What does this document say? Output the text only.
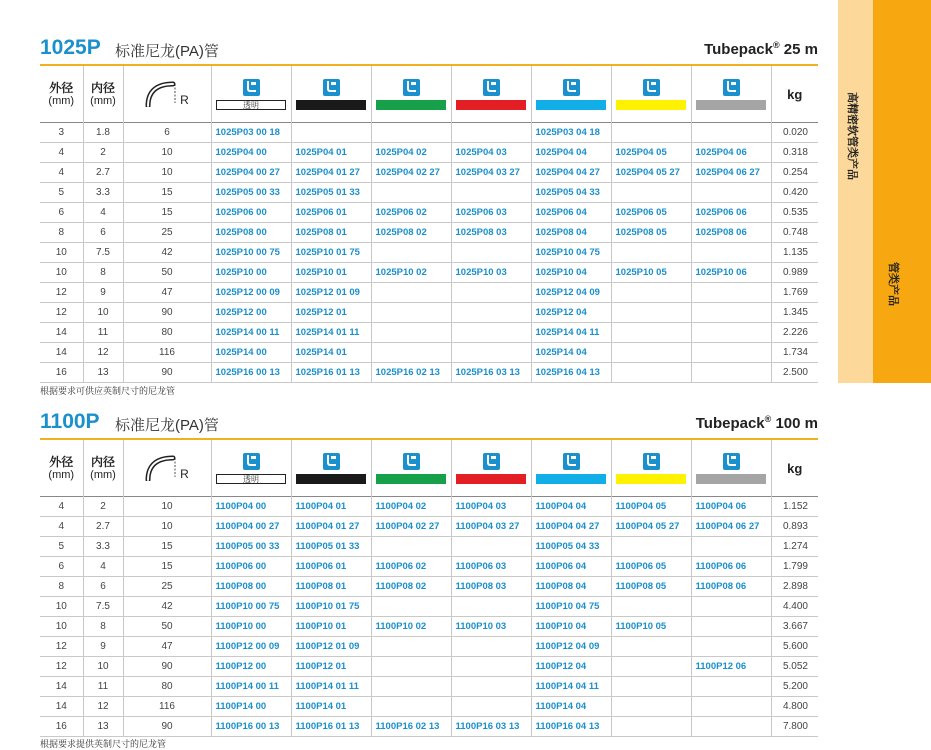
高精密软管类产品
管类产品
1025P 标准尼龙(PA)管	Tubepack® 25 m
外径
(mm)	内径
(mm)	R	透明							kg

3	1.8	6	1025P03 00 18				1025P03 04 18			0.020
4	2	10	1025P04 00	1025P04 01	1025P04 02	1025P04 03	1025P04 04	1025P04 05	1025P04 06	0.318
4	2.7	10	1025P04 00 27	1025P04 01 27	1025P04 02 27	1025P04 03 27	1025P04 04 27	1025P04 05 27	1025P04 06 27	0.254
5	3.3	15	1025P05 00 33	1025P05 01 33			1025P05 04 33			0.420
6	4	15	1025P06 00	1025P06 01	1025P06 02	1025P06 03	1025P06 04	1025P06 05	1025P06 06	0.535
8	6	25	1025P08 00	1025P08 01	1025P08 02	1025P08 03	1025P08 04	1025P08 05	1025P08 06	0.748
10	7.5	42	1025P10 00 75	1025P10 01 75			1025P10 04 75			1.135
10	8	50	1025P10 00	1025P10 01	1025P10 02	1025P10 03	1025P10 04	1025P10 05	1025P10 06	0.989
12	9	47	1025P12 00 09	1025P12 01 09			1025P12 04 09			1.769
12	10	90	1025P12 00	1025P12 01			1025P12 04			1.345
14	11	80	1025P14 00 11	1025P14 01 11			1025P14 04 11			2.226
14	12	116	1025P14 00	1025P14 01			1025P14 04			1.734
16	13	90	1025P16 00 13	1025P16 01 13	1025P16 02 13	1025P16 03 13	1025P16 04 13			2.500
根据要求可供应英制尺寸的尼龙管
1100P 标准尼龙(PA)管	Tubepack® 100 m
外径
(mm)	内径
(mm)	R	透明							kg

4	2	10	1100P04 00	1100P04 01	1100P04 02	1100P04 03	1100P04 04	1100P04 05	1100P04 06	1.152
4	2.7	10	1100P04 00 27	1100P04 01 27	1100P04 02 27	1100P04 03 27	1100P04 04 27	1100P04 05 27	1100P04 06 27	0.893
5	3.3	15	1100P05 00 33	1100P05 01 33			1100P05 04 33			1.274
6	4	15	1100P06 00	1100P06 01	1100P06 02	1100P06 03	1100P06 04	1100P06 05	1100P06 06	1.799
8	6	25	1100P08 00	1100P08 01	1100P08 02	1100P08 03	1100P08 04	1100P08 05	1100P08 06	2.898
10	7.5	42	1100P10 00 75	1100P10 01 75			1100P10 04 75			4.400
10	8	50	1100P10 00	1100P10 01	1100P10 02	1100P10 03	1100P10 04	1100P10 05		3.667
12	9	47	1100P12 00 09	1100P12 01 09			1100P12 04 09			5.600
12	10	90	1100P12 00	1100P12 01			1100P12 04		1100P12 06	5.052
14	11	80	1100P14 00 11	1100P14 01 11			1100P14 04 11			5.200
14	12	116	1100P14 00	1100P14 01			1100P14 04			4.800
16	13	90	1100P16 00 13	1100P16 01 13	1100P16 02 13	1100P16 03 13	1100P16 04 13			7.800
根据要求提供英制尺寸的尼龙管
